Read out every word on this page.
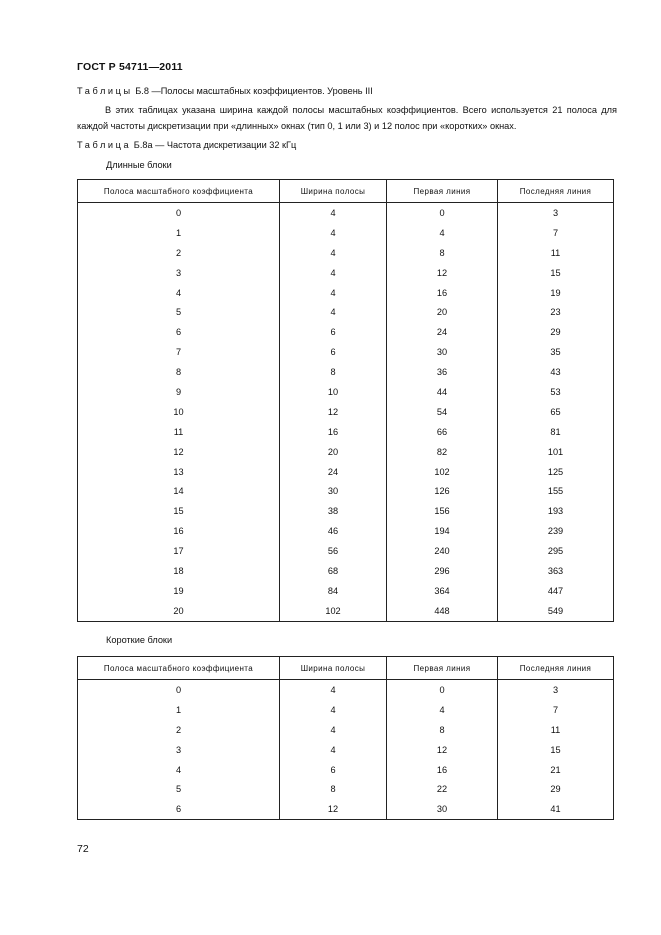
ГОСТ Р 54711—2011
Таблицы Б.8 —Полосы масштабных коэффициентов. Уровень III
В этих таблицах указана ширина каждой полосы масштабных коэффициентов. Всего используется 21 полоса для каждой частоты дискретизации при «длинных» окнах (тип 0, 1 или 3) и 12 полос при «коротких» окнах.
Таблица Б.8а — Частота дискретизации 32 кГц
Длинные блоки
Полоса масштабного коэффициента	Ширина полосы	Первая линия	Последняя линия
0	4	0	3
1	4	4	7
2	4	8	11
3	4	12	15
4	4	16	19
5	4	20	23
6	6	24	29
7	6	30	35
8	8	36	43
9	10	44	53
10	12	54	65
11	16	66	81
12	20	82	101
13	24	102	125
14	30	126	155
15	38	156	193
16	46	194	239
17	56	240	295
18	68	296	363
19	84	364	447
20	102	448	549
Короткие блоки
Полоса масштабного коэффициента	Ширина полосы	Первая линия	Последняя линия
0	4	0	3
1	4	4	7
2	4	8	11
3	4	12	15
4	6	16	21
5	8	22	29
6	12	30	41
72
